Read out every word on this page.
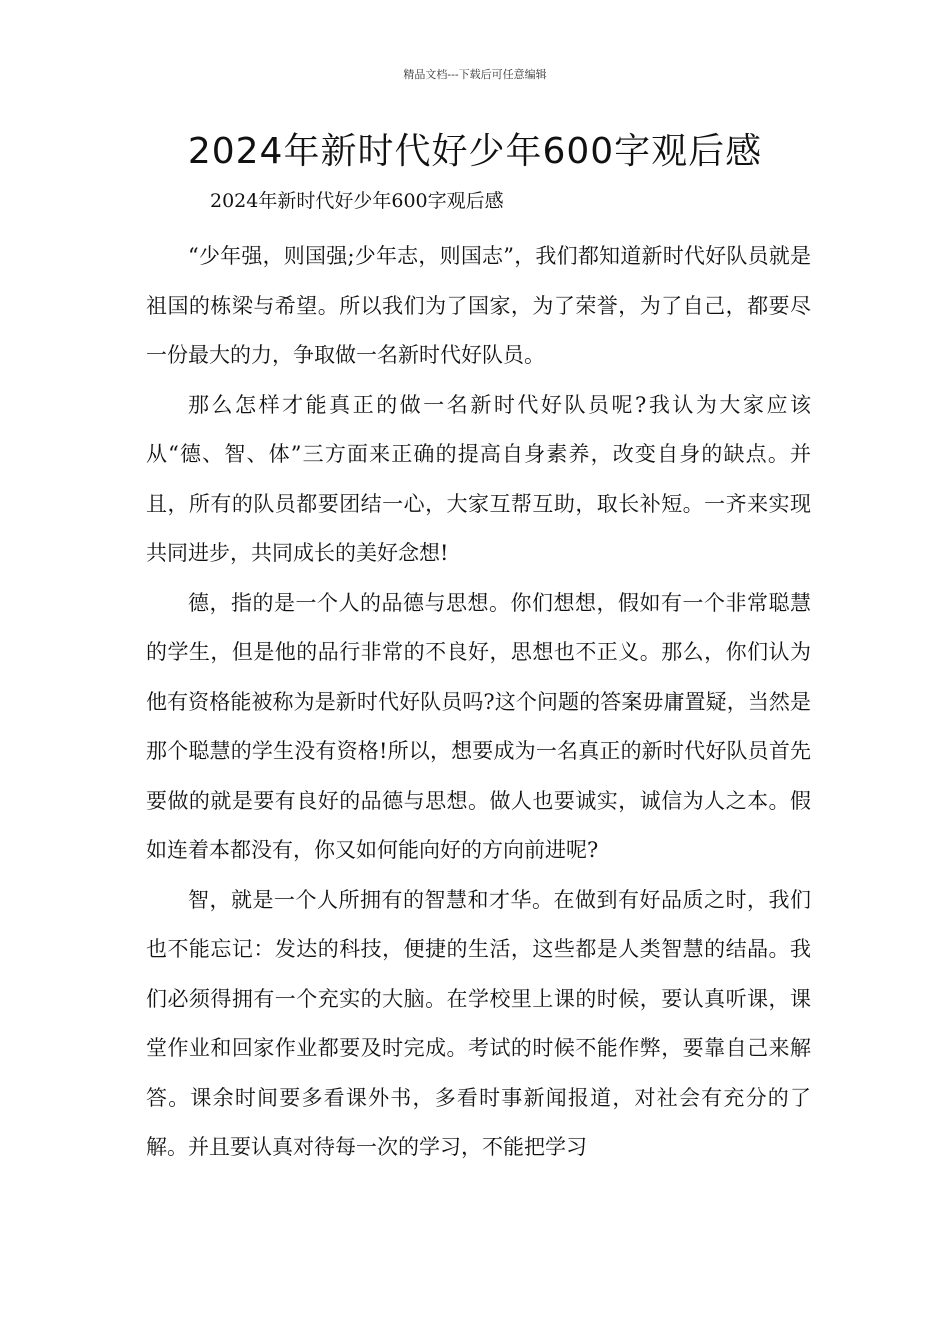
精品文档---下载后可任意编辑
2024年新时代好少年600字观后感
2024年新时代好少年600字观后感

“少年强，则国强;少年志，则国志”，我们都知道新时代好队员就是祖国的栋梁与希望。所以我们为了国家，为了荣誉，为了自己，都要尽一份最大的力，争取做一名新时代好队员。

那么怎样才能真正的做一名新时代好队员呢?我认为大家应该从“德、智、体”三方面来正确的提高自身素养，改变自身的缺点。并且，所有的队员都要团结一心，大家互帮互助，取长补短。一齐来实现共同进步，共同成长的美好念想!

德，指的是一个人的品德与思想。你们想想，假如有一个非常聪慧的学生，但是他的品行非常的不良好，思想也不正义。那么，你们认为他有资格能被称为是新时代好队员吗?这个问题的答案毋庸置疑，当然是那个聪慧的学生没有资格!所以，想要成为一名真正的新时代好队员首先要做的就是要有良好的品德与思想。做人也要诚实，诚信为人之本。假如连着本都没有，你又如何能向好的方向前进呢?

智，就是一个人所拥有的智慧和才华。在做到有好品质之时，我们也不能忘记：发达的科技，便捷的生活，这些都是人类智慧的结晶。我们必须得拥有一个充实的大脑。在学校里上课的时候，要认真听课，课堂作业和回家作业都要及时完成。考试的时候不能作弊，要靠自己来解答。课余时间要多看课外书，多看时事新闻报道，对社会有充分的了解。并且要认真对待每一次的学习，不能把学习
